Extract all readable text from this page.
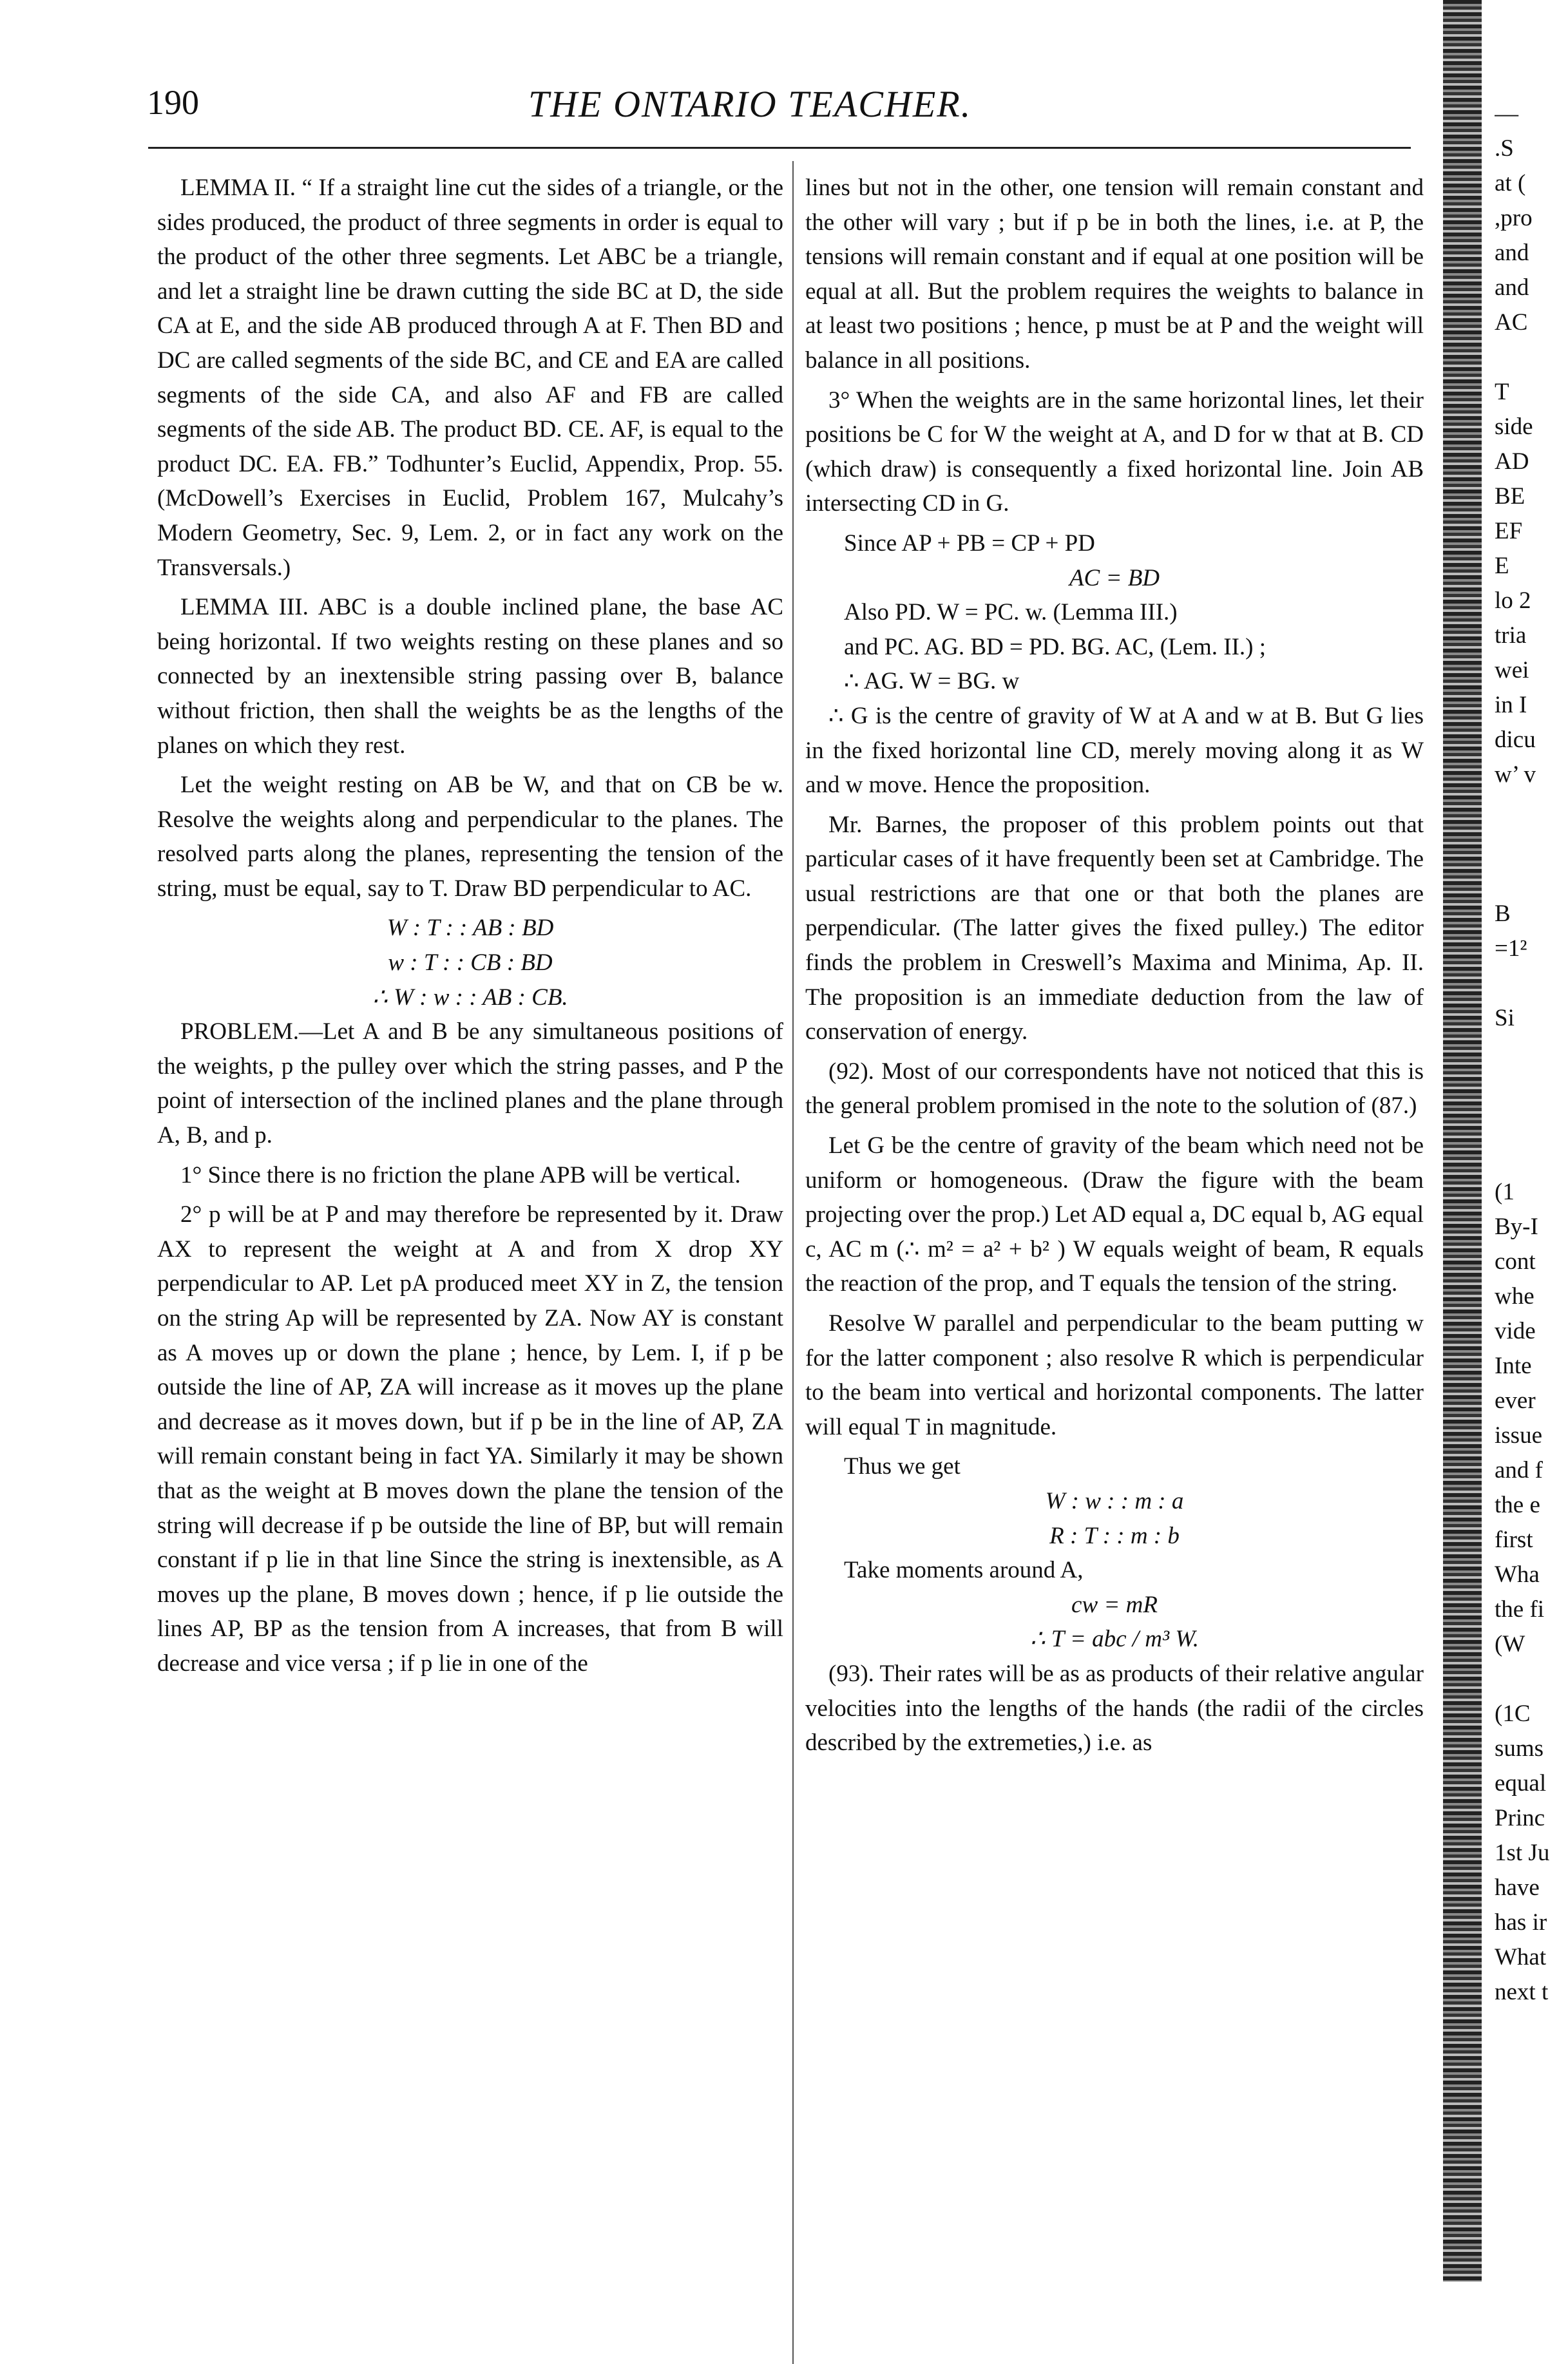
190	THE ONTARIO TEACHER.

LEMMA II. “ If a straight line cut the sides of a triangle, or the sides produced, the product of three segments in order is equal to the product of the other three segments. Let ABC be a triangle, and let a straight line be drawn cutting the side BC at D, the side CA at E, and the side AB produced through A at F. Then BD and DC are called segments of the side BC, and CE and EA are called segments of the side CA, and also AF and FB are called segments of the side AB. The product BD. CE. AF, is equal to the product DC. EA. FB.” Todhunter’s Euclid, Appendix, Prop. 55. (McDowell’s Exercises in Euclid, Problem 167, Mulcahy’s Modern Geometry, Sec. 9, Lem. 2, or in fact any work on the Transversals.)

LEMMA III. ABC is a double inclined plane, the base AC being horizontal. If two weights resting on these planes and so connected by an inextensible string passing over B, balance without friction, then shall the weights be as the lengths of the planes on which they rest.

Let the weight resting on AB be W, and that on CB be w. Resolve the weights along and perpendicular to the planes. The resolved parts along the planes, representing the tension of the string, must be equal, say to T. Draw BD perpendicular to AC.

W : T : : AB : BD

w : T : : CB : BD

∴ W : w : : AB : CB.

PROBLEM.—Let A and B be any simultaneous positions of the weights, p the pulley over which the string passes, and P the point of intersection of the inclined planes and the plane through A, B, and p.

1° Since there is no friction the plane APB will be vertical.

2° p will be at P and may therefore be represented by it. Draw AX to represent the weight at A and from X drop XY perpendicular to AP. Let pA produced meet XY in Z, the tension on the string Ap will be represented by ZA. Now AY is constant as A moves up or down the plane ; hence, by Lem. I, if p be outside the line of AP, ZA will increase as it moves up the plane and decrease as it moves down, but if p be in the line of AP, ZA will remain constant being in fact YA. Similarly it may be shown that as the weight at B moves down the plane the tension of the string will decrease if p be outside the line of BP, but will remain constant if p lie in that line Since the string is inextensible, as A moves up the plane, B moves down ; hence, if p lie outside the lines AP, BP as the tension from A increases, that from B will decrease and vice versa ; if p lie in one of the

lines but not in the other, one tension will remain constant and the other will vary ; but if p be in both the lines, i.e. at P, the tensions will remain constant and if equal at one position will be equal at all. But the problem requires the weights to balance in at least two positions ; hence, p must be at P and the weight will balance in all positions.

3° When the weights are in the same horizontal lines, let their positions be C for W the weight at A, and D for w that at B. CD (which draw) is consequently a fixed horizontal line. Join AB intersecting CD in G.

Since AP + PB = CP + PD

AC = BD

Also PD. W = PC. w. (Lemma III.)

and PC. AG. BD = PD. BG. AC, (Lem. II.) ;

∴ AG. W = BG. w

∴ G is the centre of gravity of W at A and w at B. But G lies in the fixed horizontal line CD, merely moving along it as W and w move. Hence the proposition.

Mr. Barnes, the proposer of this problem points out that particular cases of it have frequently been set at Cambridge. The usual restrictions are that one or that both the planes are perpendicular. (The latter gives the fixed pulley.) The editor finds the problem in Creswell’s Maxima and Minima, Ap. II. The proposition is an immediate deduction from the law of conservation of energy.

(92). Most of our correspondents have not noticed that this is the general problem promised in the note to the solution of (87.)

Let G be the centre of gravity of the beam which need not be uniform or homogeneous. (Draw the figure with the beam projecting over the prop.) Let AD equal a, DC equal b, AG equal c, AC m (∴ m² = a² + b² ) W equals weight of beam, R equals the reaction of the prop, and T equals the tension of the string.

Resolve W parallel and perpendicular to the beam putting w for the latter component ; also resolve R which is perpendicular to the beam into vertical and horizontal components. The latter will equal T in magnitude.

Thus we get

W : w : : m : a

R : T : : m : b

Take moments around A,

cw = mR

∴ T = abc / m³ W.

(93). Their rates will be as as products of their relative angular velocities into the lengths of the hands (the radii of the circles described by the extremeties,) i.e. as

—
.S
at (
,pro
and
and
AC
T
side
AD
BE
EF
E
lo 2
tria
wei
in I
dicu
w’ v
B
=1²
Si
(1
By-I
cont
whe
vide
Inte
ever
issue
and f
the e
first
Wha
the fi
(W
(1C
sums
equal
Princ
1st Ju
have
has ir
What
next t
